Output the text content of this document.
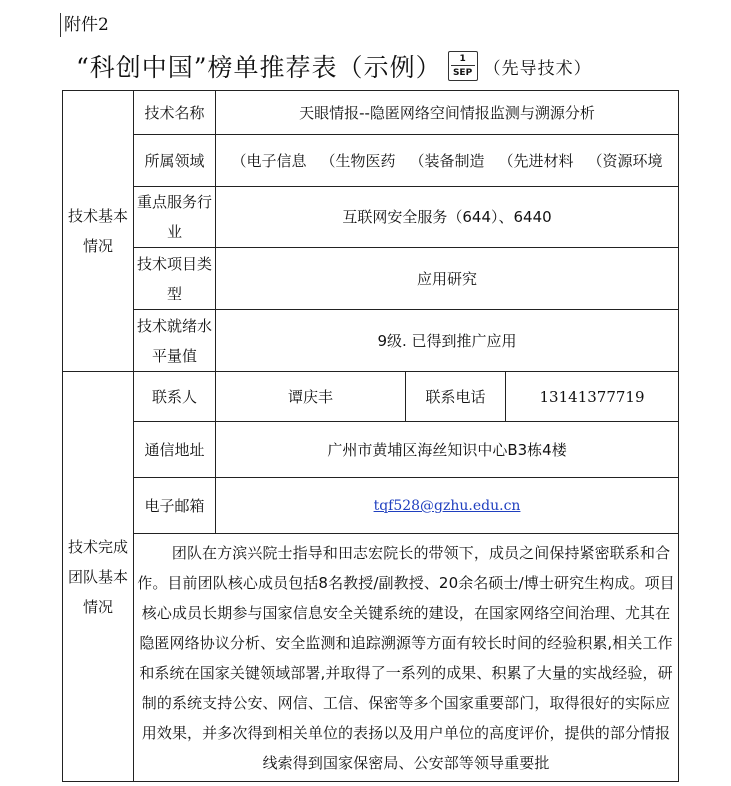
附件2
“科创中国”榜单推荐表（示例）	1
SEP （先导技术）
技术基本情况	技术名称	天眼情报--隐匿网络空间情报监测与溯源分析		
	所属领域	（电子信息 （生物医药 （装备制造 （先进材料 （资源环境		

	重点服务行业	互联网安全服务（644）、6440		
	技术项目类型	应用研究		
	技术就绪水平量值	9级. 已得到推广应用		
技术完成团队基本情况	联系人	谭庆丰	联系电话	13141377719
	通信地址	广州市黄埔区海丝知识中心B3栋4楼		
	电子邮箱	tqf528@gzhu.edu.cn		
	团队在方滨兴院士指导和田志宏院长的带领下，成员之间保持紧密联系和合作。目前团队核心成员包括8名教授/副教授、20余名硕士/博士研究生构成。项目核心成员长期参与国家信息安全关键系统的建设，在国家网络空间治理、尤其在隐匿网络协议分析、安全监测和追踪溯源等方面有较长时间的经验积累,相关工作和系统在国家关键领域部署,并取得了一系列的成果、积累了大量的实战经验，研制的系统支持公安、网信、工信、保密等多个国家重要部门，取得很好的实际应用效果，并多次得到相关单位的表扬以及用户单位的高度评价，提供的部分情报线索得到国家保密局、公安部等领导重要批			
